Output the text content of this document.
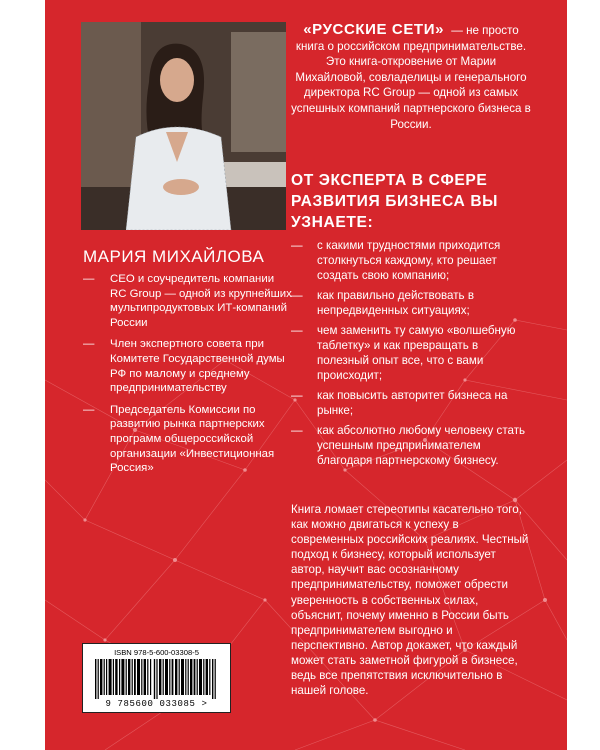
МАРИЯ МИХАЙЛОВА
— CEO и соучредитель компании RC Group — одной из крупнейших мультипродуктовых ИТ-компаний России
— Член экспертного совета при Комитете Государственной думы РФ по малому и среднему предпринимательству
— Председатель Комиссии по развитию рынка партнерских программ общероссийской организации «Инвестиционная Россия»
«РУССКИЕ СЕТИ» — не просто книга о российском предпринимательстве. Это книга-откровение от Марии Михайловой, совладелицы и генерального директора RC Group — одной из самых успешных компаний партнерского бизнеса в России.
ОТ ЭКСПЕРТА В СФЕРЕ РАЗВИТИЯ БИЗНЕСА ВЫ УЗНАЕТЕ:
— с какими трудностями приходится столкнуться каждому, кто решает создать свою компанию;
— как правильно действовать в непредвиденных ситуациях;
— чем заменить ту самую «волшебную таблетку» и как превращать в полезный опыт все, что с вами происходит;
— как повысить авторитет бизнеса на рынке;
— как абсолютно любому человеку стать успешным предпринимателем благодаря партнерскому бизнесу.
Книга ломает стереотипы касательно того, как можно двигаться к успеху в современных российских реалиях. Честный подход к бизнесу, который использует автор, научит вас осознанному предпринимательству, поможет обрести уверенность в собственных силах, объяснит, почему именно в России быть предпринимателем выгодно и перспективно. Автор докажет, что каждый может стать заметной фигурой в бизнесе, ведь все препятствия исключительно в нашей голове.
ISBN 978-5-600-03308-5
9 785600 033085 >
